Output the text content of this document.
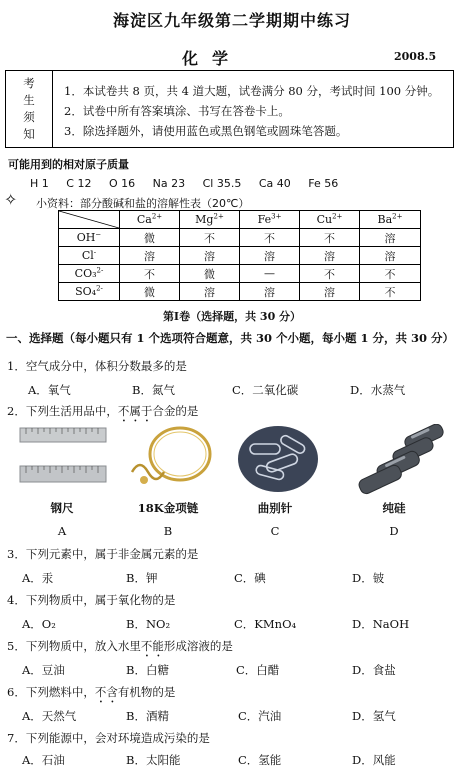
海淀区九年级第二学期期中练习
化学	2008.5
考
生
须
知
1．本试卷共 8 页，共 4 道大题，试卷满分 80 分，考试时间 100 分钟。
2．试卷中所有答案填涂、书写在答卷卡上。
3．除选择题外，请使用蓝色或黑色钢笔或圆珠笔答题。
可能用到的相对原子质量
H 1 C 12 O 16 Na 23 Cl 35.5 Ca 40 Fe 56
✧ 小资料：部分酸碱和盐的溶解性表（20℃）
	$Ca^{2+}$	$Mg^{2+}$	$Fe^{3+}$	$Cu^{2+}$	$Ba^{2+}$
OH−	微	不	不	不	溶
Cl-	溶	溶	溶	溶	溶
CO₃$^{2-}$	不	微	—	不	不
SO₄$^{2-}$	微	溶	溶	溶	不
第Ⅰ卷（选择题，共 30 分）
一、选择题（每小题只有 1 个选项符合题意，共 30 个小题，每小题 1 分，共 30 分）
1．空气成分中，体积分数最多的是
A．氧气	B．氮气	C．二氧化碳	D．水蒸气
2．下列生活用品中，不属于合金的是
钢尺	18K金项链	曲别针	纯硅
A	B	C	D
3．下列元素中，属于非金属元素的是
A．汞	B．钾	C．碘	D．铍
4．下列物质中，属于氧化物的是
A．O₂	B．NO₂	C．KMnO₄	D．NaOH
5．下列物质中，放入水里不能形成溶液的是
A．豆油	B．白糖	C．白醋	D．食盐
6．下列燃料中，不含有机物的是
A．天然气	B．酒精	C．汽油	D．氢气
7．下列能源中，会对环境造成污染的是
A．石油	B．太阳能	C．氢能	D．风能
